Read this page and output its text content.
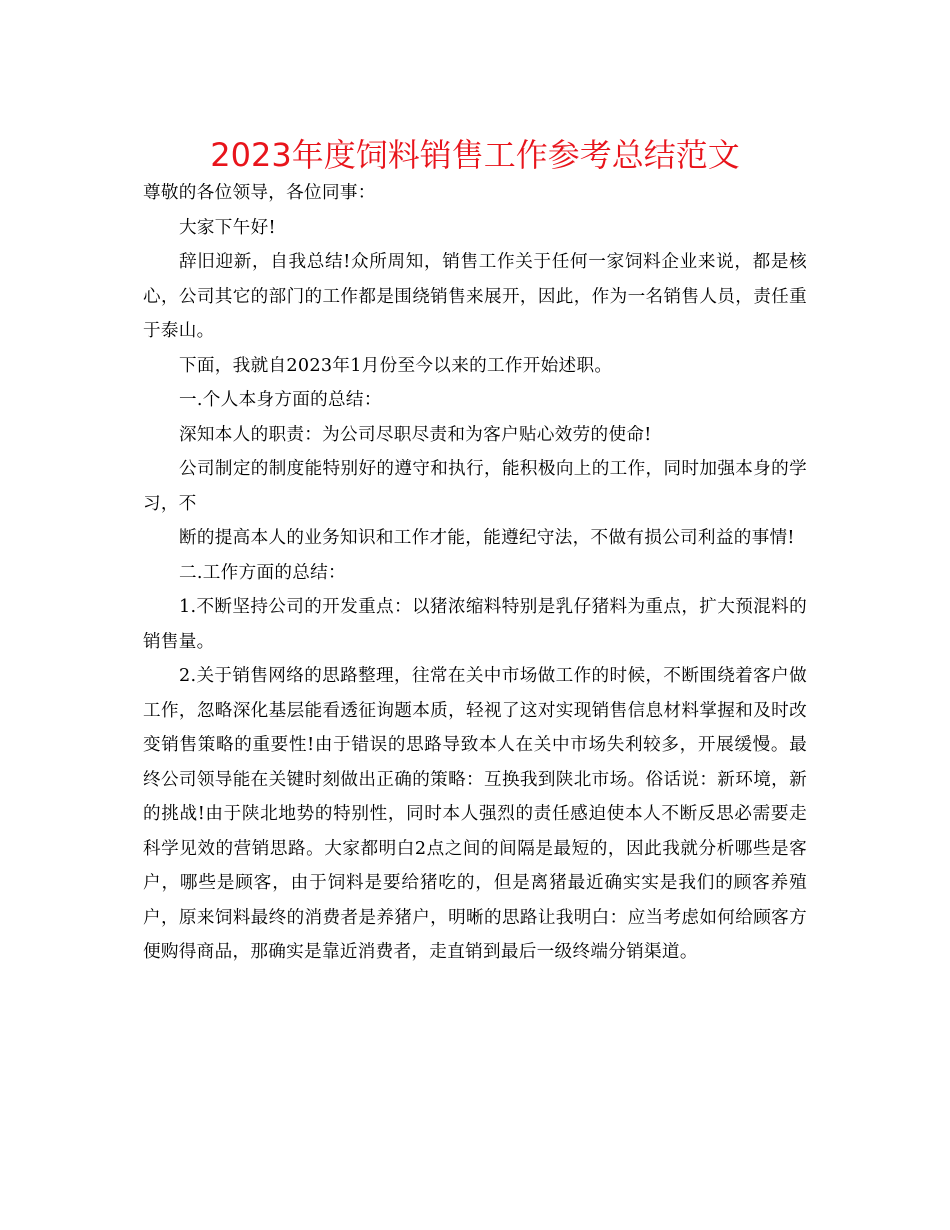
2023年度饲料销售工作参考总结范文

尊敬的各位领导，各位同事：

大家下午好!

辞旧迎新，自我总结!众所周知，销售工作关于任何一家饲料企业来说，都是核心，公司其它的部门的工作都是围绕销售来展开，因此，作为一名销售人员，责任重于泰山。

下面，我就自2023年1月份至今以来的工作开始述职。

一.个人本身方面的总结：

深知本人的职责：为公司尽职尽责和为客户贴心效劳的使命!

公司制定的制度能特别好的遵守和执行，能积极向上的工作，同时加强本身的学习，不

断的提高本人的业务知识和工作才能，能遵纪守法，不做有损公司利益的事情!

二.工作方面的总结：

1.不断坚持公司的开发重点：以猪浓缩料特别是乳仔猪料为重点，扩大预混料的销售量。

2.关于销售网络的思路整理，往常在关中市场做工作的时候，不断围绕着客户做工作，忽略深化基层能看透征询题本质，轻视了这对实现销售信息材料掌握和及时改变销售策略的重要性!由于错误的思路导致本人在关中市场失利较多，开展缓慢。最终公司领导能在关键时刻做出正确的策略：互换我到陕北市场。俗话说：新环境，新的挑战!由于陕北地势的特别性，同时本人强烈的责任感迫使本人不断反思必需要走科学见效的营销思路。大家都明白2点之间的间隔是最短的，因此我就分析哪些是客户，哪些是顾客，由于饲料是要给猪吃的，但是离猪最近确实实是我们的顾客养殖户，原来饲料最终的消费者是养猪户，明晰的思路让我明白：应当考虑如何给顾客方便购得商品，那确实是靠近消费者，走直销到最后一级终端分销渠道。
